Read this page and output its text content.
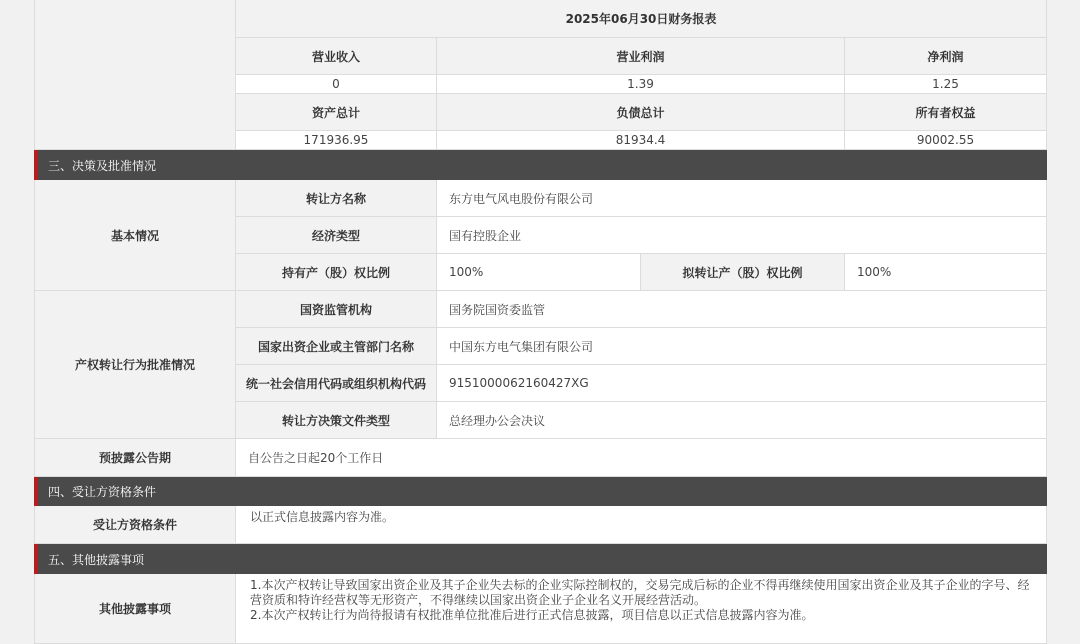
2025年06月30日财务报表
营业收入	营业利润	净利润
0	1.39	1.25
资产总计	负债总计	所有者权益
171936.95	81934.4	90002.55
三、决策及批准情况
基本情况
转让方名称	东方电气风电股份有限公司
经济类型	国有控股企业
持有产（股）权比例	100%	拟转让产（股）权比例	100%
产权转让行为批准情况
国资监管机构	国务院国资委监管
国家出资企业或主管部门名称	中国东方电气集团有限公司
统一社会信用代码或组织机构代码	9151000062160427XG
转让方决策文件类型	总经理办公会决议
预披露公告期	自公告之日起20个工作日
四、受让方资格条件
受让方资格条件
以正式信息披露内容为准。
五、其他披露事项
其他披露事项
1.本次产权转让导致国家出资企业及其子企业失去标的企业实际控制权的，交易完成后标的企业不得再继续使用国家出资企业及其子企业的字号、经
营资质和特许经营权等无形资产，不得继续以国家出资企业子企业名义开展经营活动。
2.本次产权转让行为尚待报请有权批准单位批准后进行正式信息披露，项目信息以正式信息披露内容为准。
